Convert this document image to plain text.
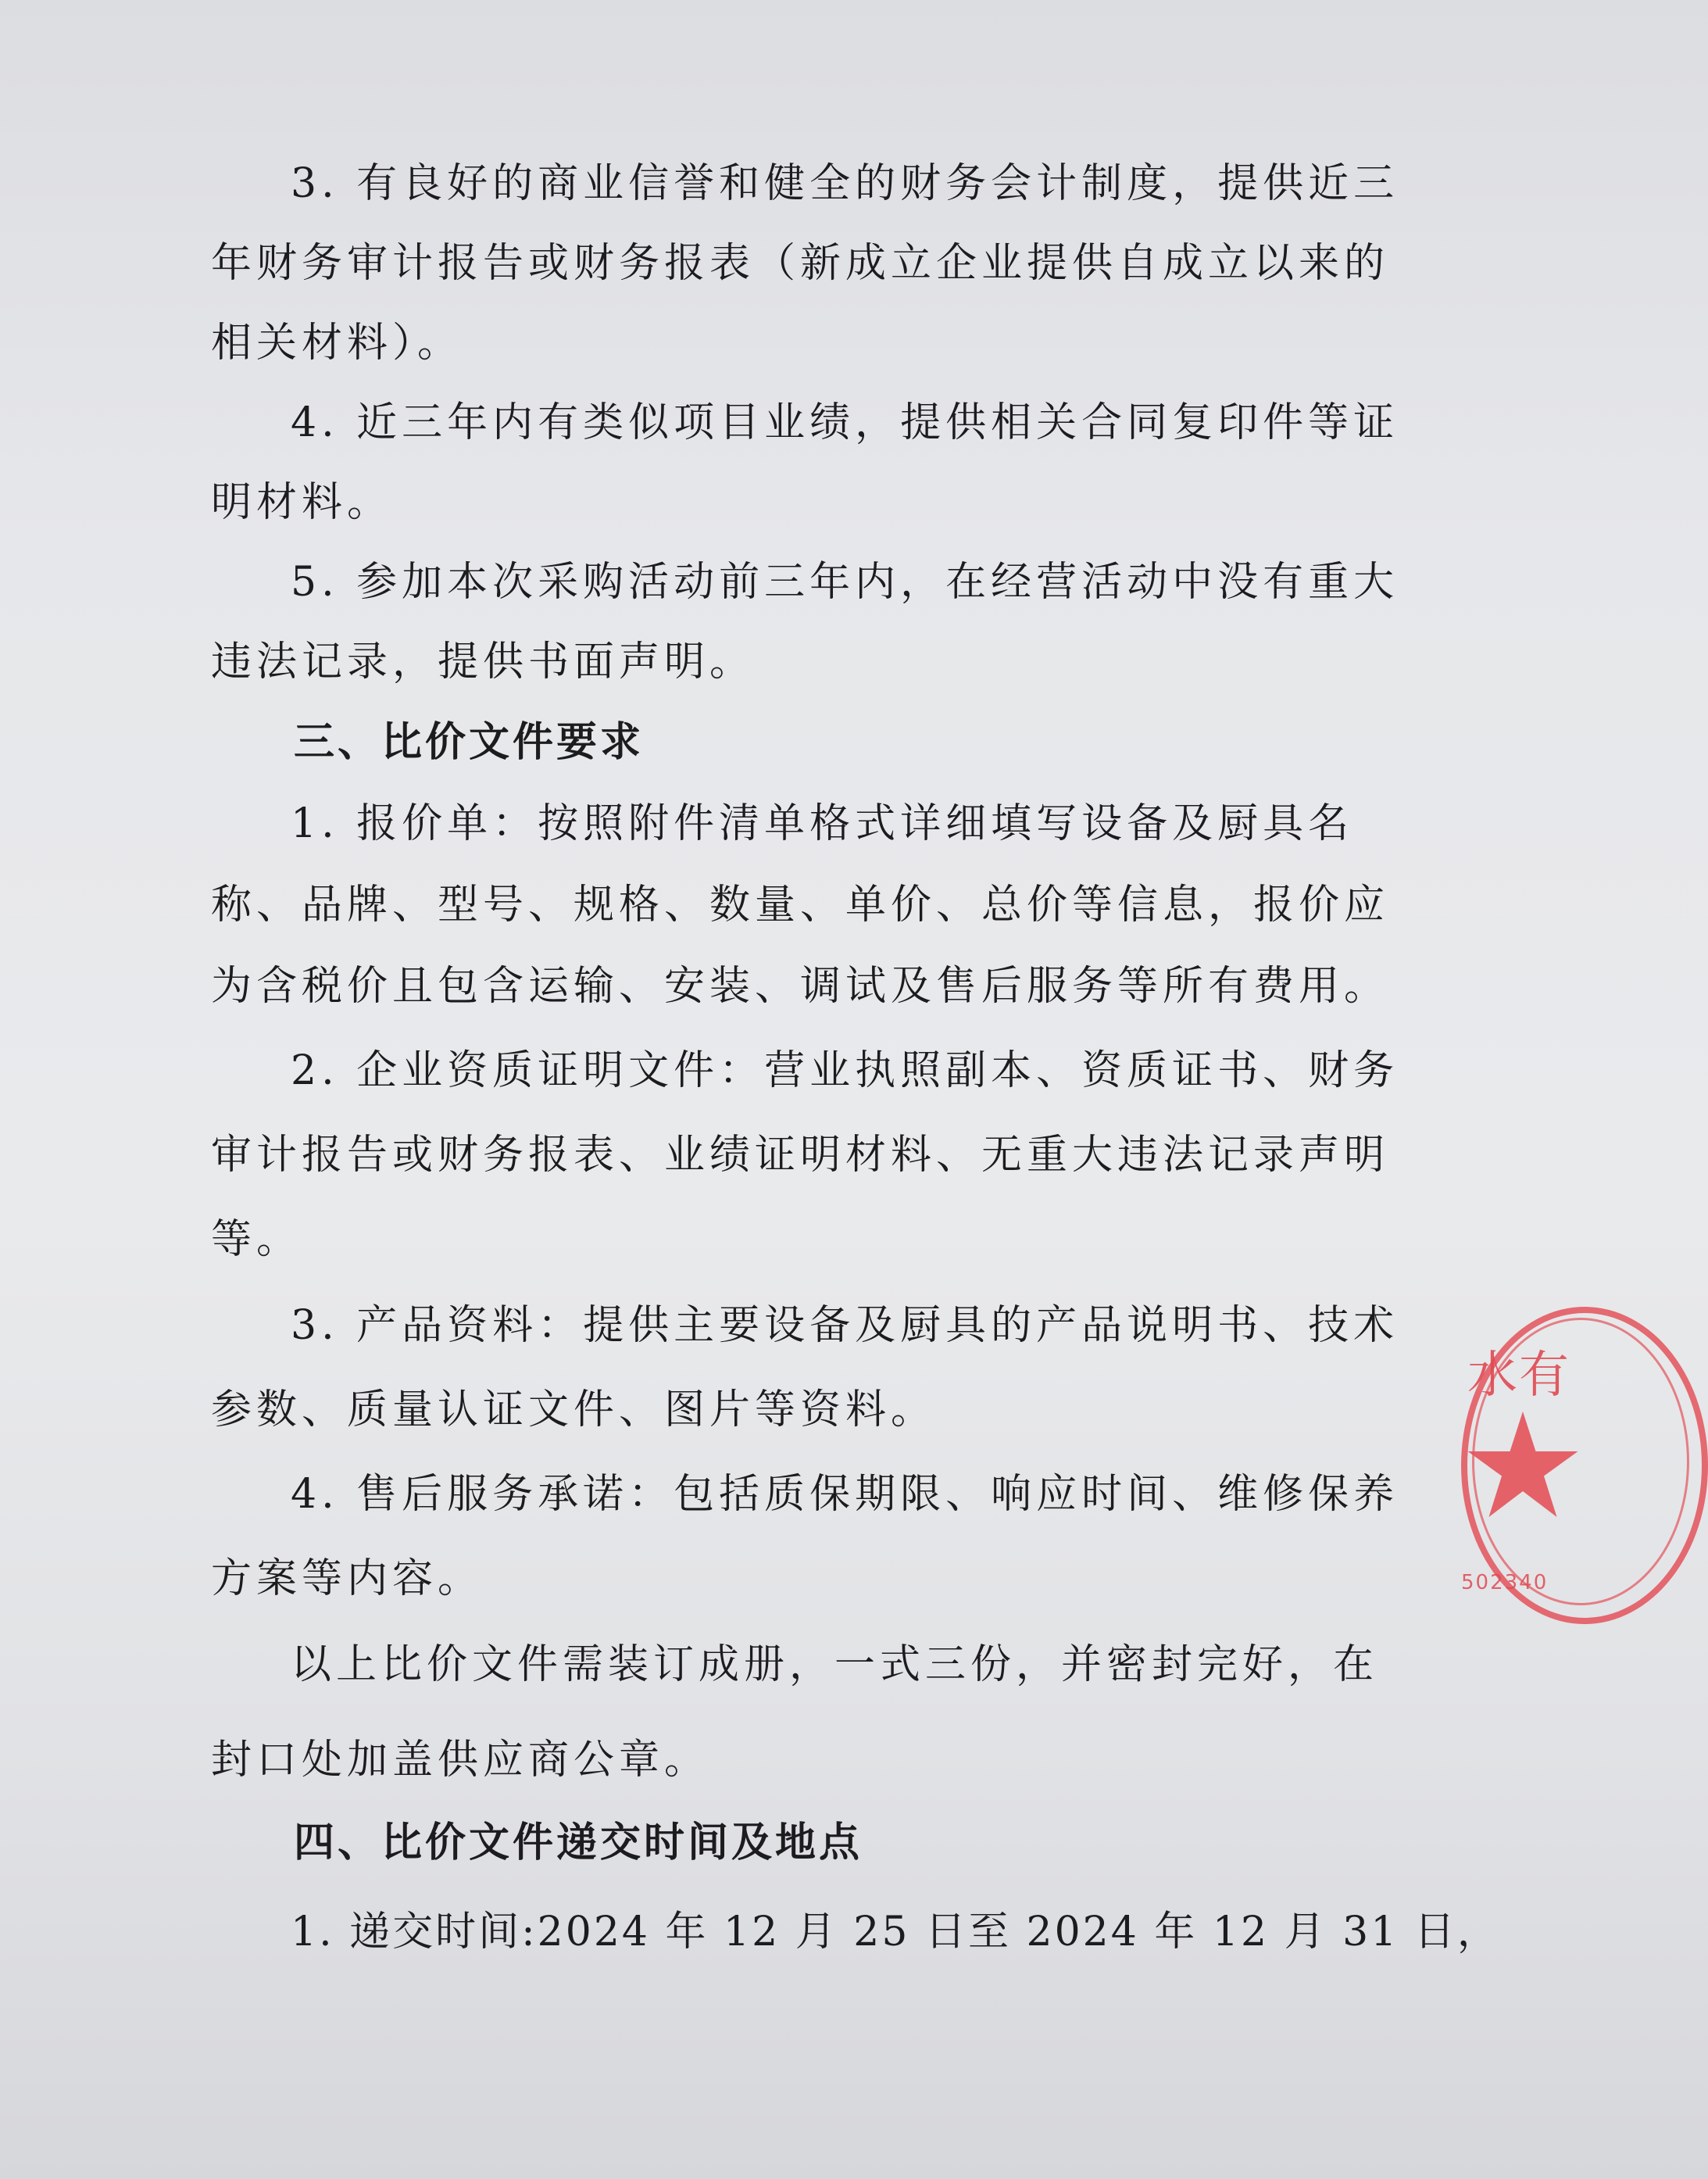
3. 有良好的商业信誉和健全的财务会计制度，提供近三
年财务审计报告或财务报表（新成立企业提供自成立以来的
相关材料）。
4. 近三年内有类似项目业绩，提供相关合同复印件等证
明材料。
5. 参加本次采购活动前三年内，在经营活动中没有重大
违法记录，提供书面声明。
三、比价文件要求
1. 报价单：按照附件清单格式详细填写设备及厨具名
称、品牌、型号、规格、数量、单价、总价等信息，报价应
为含税价且包含运输、安装、调试及售后服务等所有费用。
2. 企业资质证明文件：营业执照副本、资质证书、财务
审计报告或财务报表、业绩证明材料、无重大违法记录声明
等。
3. 产品资料：提供主要设备及厨具的产品说明书、技术
参数、质量认证文件、图片等资料。
4. 售后服务承诺：包括质保期限、响应时间、维修保养
方案等内容。
以上比价文件需装订成册，一式三份，并密封完好，在
封口处加盖供应商公章。
四、比价文件递交时间及地点
1. 递交时间:2024 年 12 月 25 日至 2024 年 12 月 31 日，
水有
502340
